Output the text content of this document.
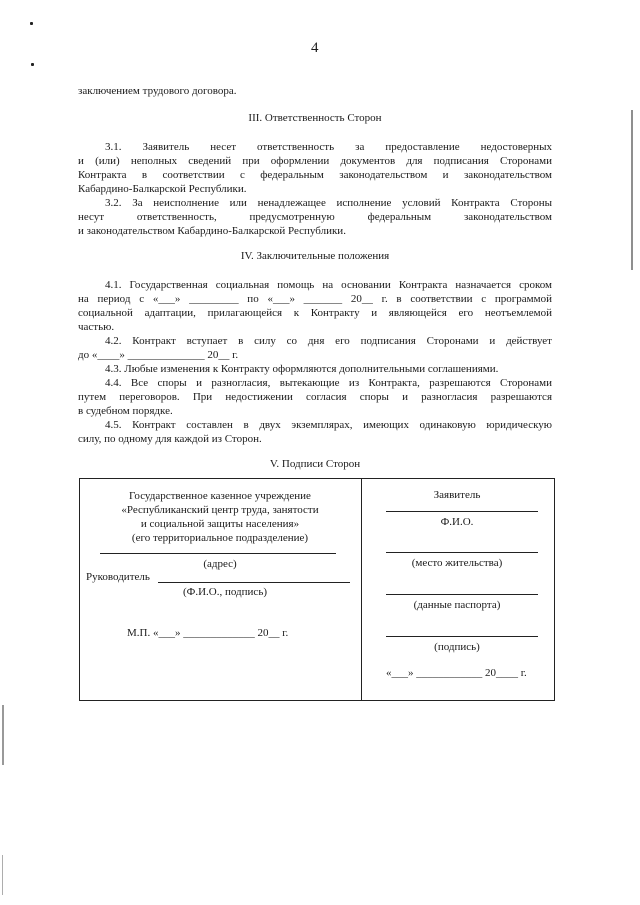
4
заключением трудового договора.
III. Ответственность Сторон
3.1. Заявитель несет ответственность за предоставление недостоверных
и (или) неполных сведений при оформлении документов для подписания Сторонами
Контракта в соответствии с федеральным законодательством и законодательством
Кабардино-Балкарской Республики.
3.2. За неисполнение или ненадлежащее исполнение условий Контракта Стороны
несут ответственность, предусмотренную федеральным законодательством
и законодательством Кабардино-Балкарской Республики.
IV. Заключительные положения
4.1. Государственная социальная помощь на основании Контракта назначается сроком
на период с «___» _________ по «___» _______ 20__ г. в соответствии с программой
социальной адаптации, прилагающейся к Контракту и являющейся его неотъемлемой
частью.
4.2. Контракт вступает в силу со дня его подписания Сторонами и действует
до «____» ______________ 20__ г.
4.3. Любые изменения к Контракту оформляются дополнительными соглашениями.
4.4. Все споры и разногласия, вытекающие из Контракта, разрешаются Сторонами
путем переговоров. При недостижении согласия споры и разногласия разрешаются
в судебном порядке.
4.5. Контракт составлен в двух экземплярах, имеющих одинаковую юридическую
силу, по одному для каждой из Сторон.
V. Подписи Сторон
Государственное казенное учреждение
«Республиканский центр труда, занятости
и социальной защиты населения»
(его территориальное подразделение)
(адрес)
Руководитель
(Ф.И.О., подпись)
М.П. «___» _____________ 20__ г.
Заявитель
Ф.И.О.
(место жительства)
(данные паспорта)
(подпись)
«___» ____________ 20____ г.
